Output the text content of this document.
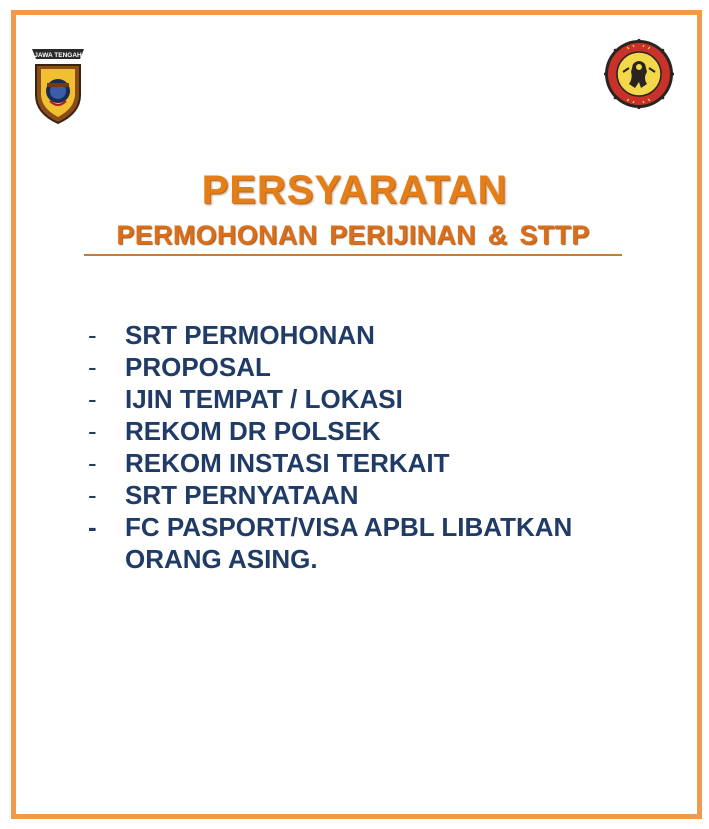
JAWA TENGAH
PERSYARATAN
PERMOHONAN PERIJINAN & STTP
- SRT PERMOHONAN
- PROPOSAL
- IJIN TEMPAT / LOKASI
- REKOM DR POLSEK
- REKOM INSTASI TERKAIT
- SRT PERNYATAAN
- FC PASPORT/VISA APBL LIBATKAN
ORANG ASING.
